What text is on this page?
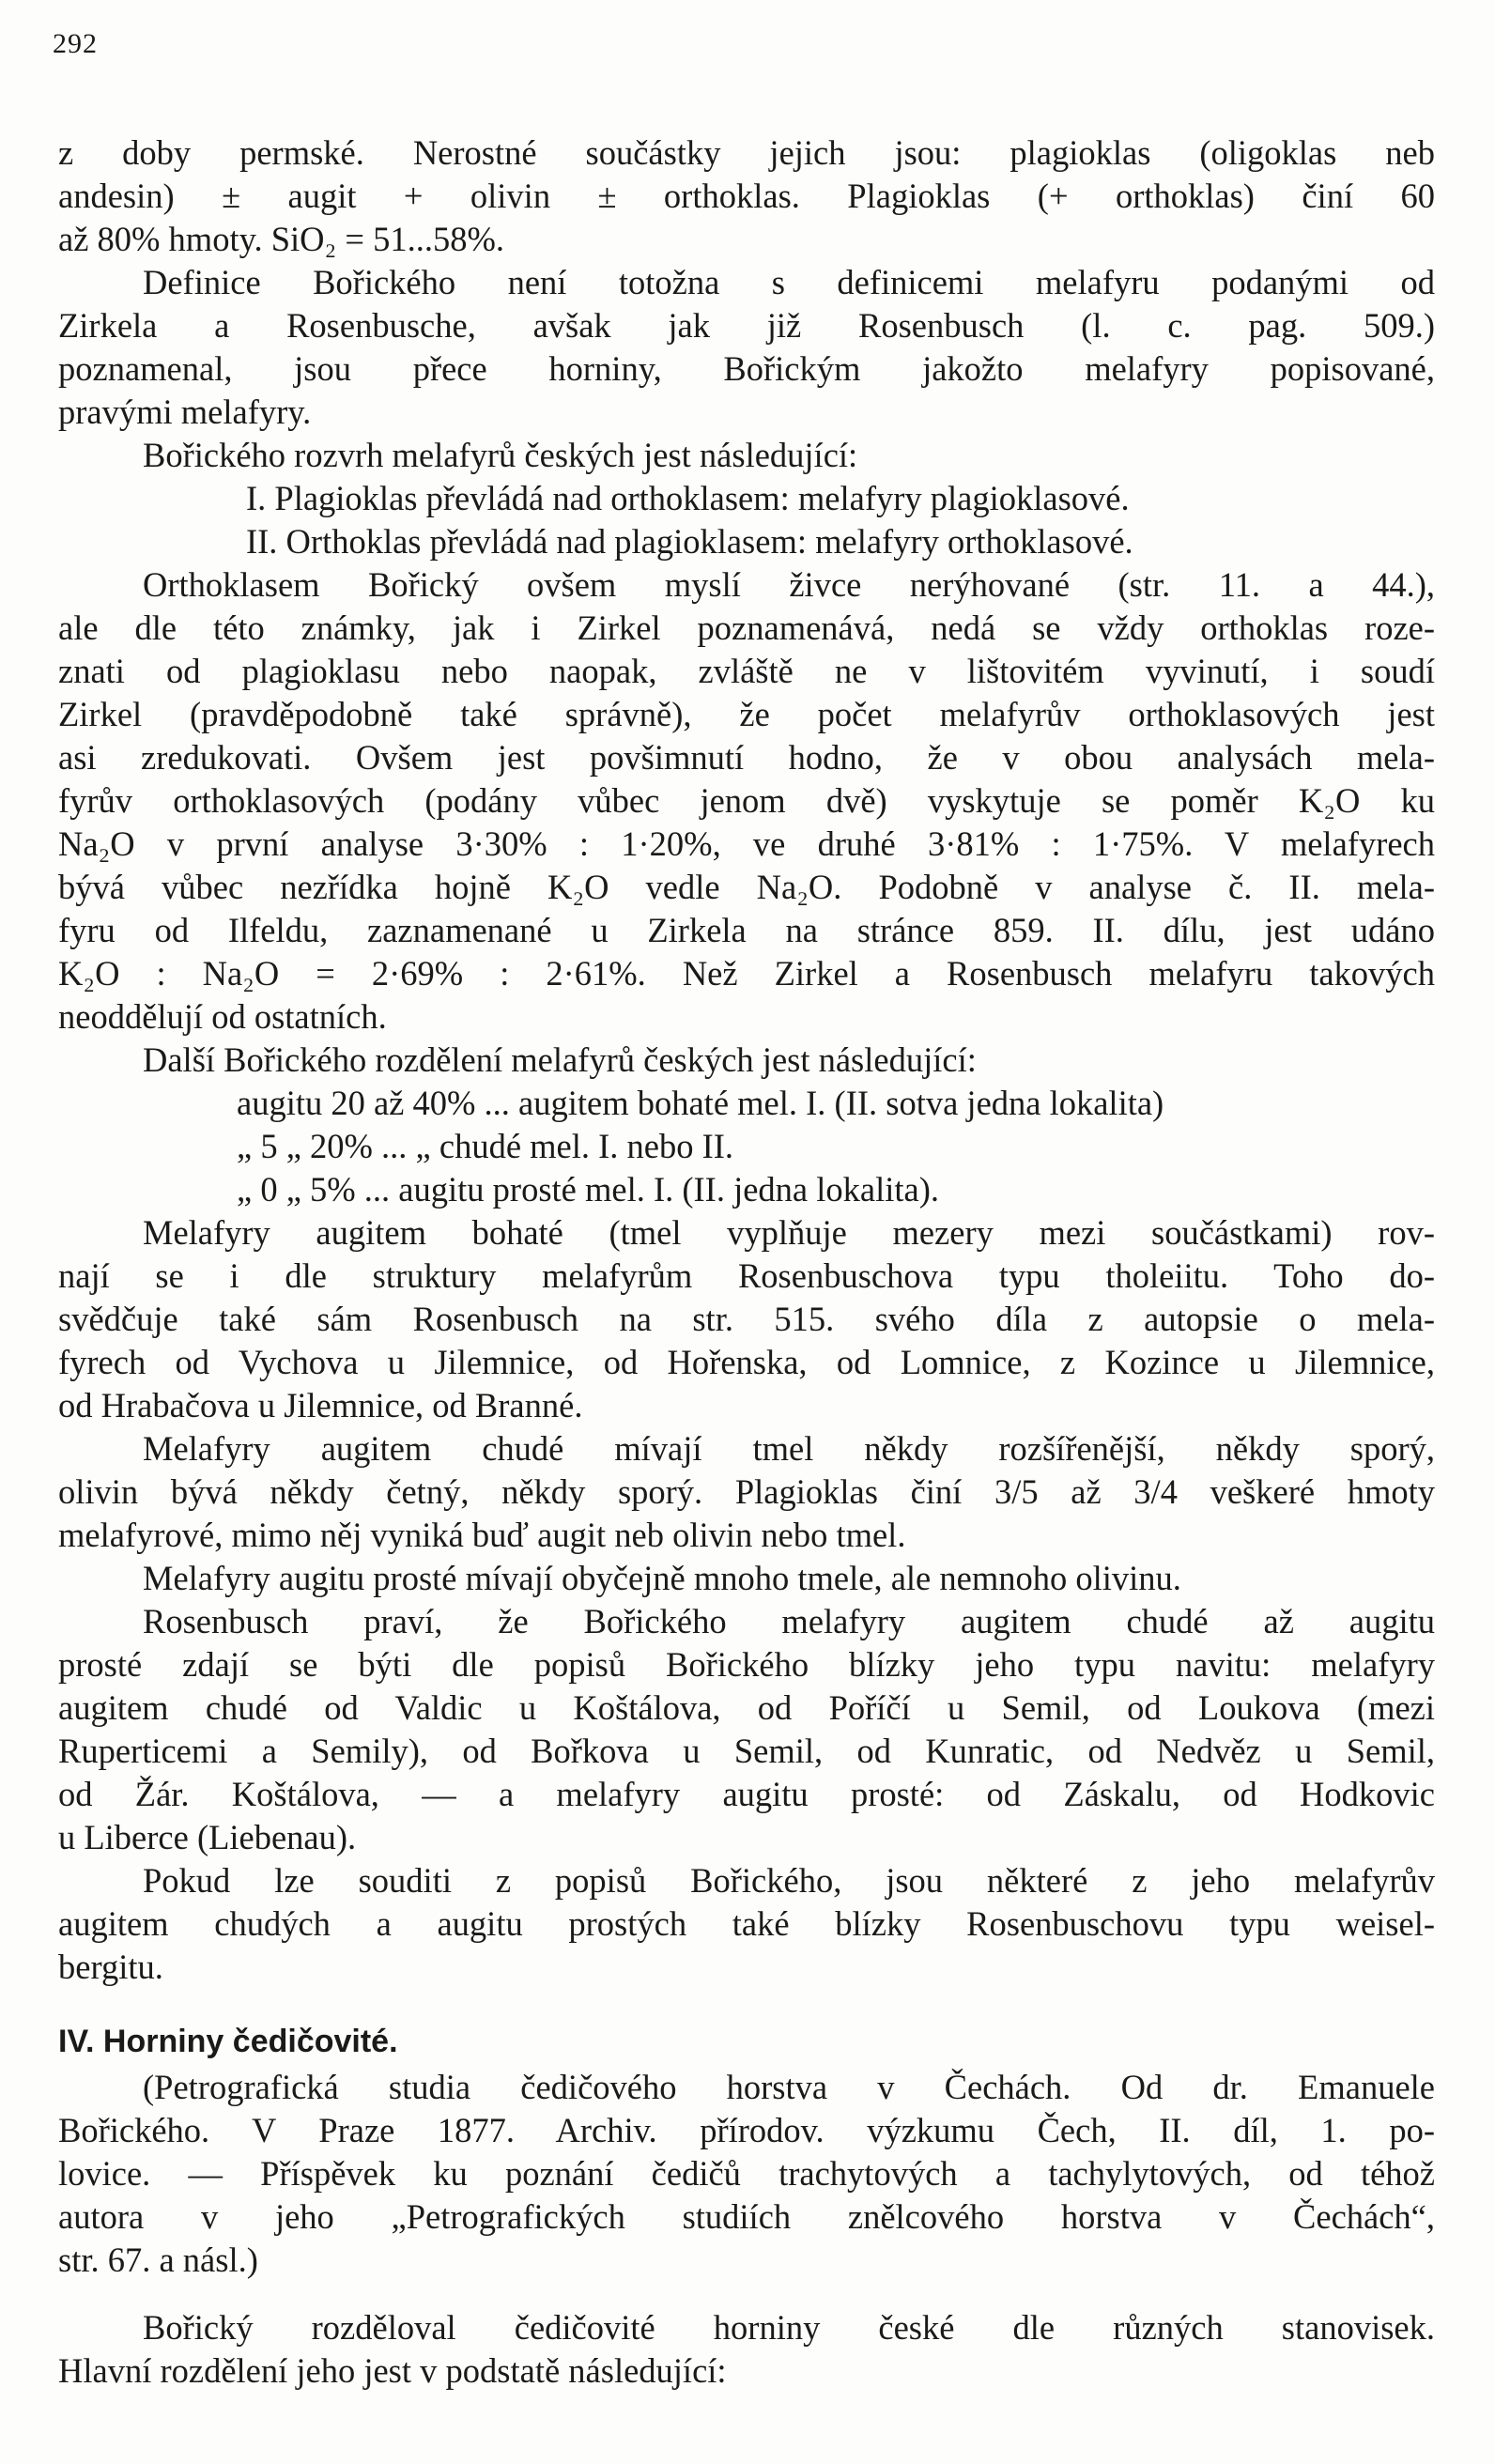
292
z doby permské. Nerostné součástky jejich jsou: plagioklas (oligoklas neb
andesin) ± augit + olivin ± orthoklas. Plagioklas (+ orthoklas) činí 60
až 80% hmoty. SiO₂ = 51...58%.
Definice Bořického není totožna s definicemi melafyru podanými od
Zirkela a Rosenbusche, avšak jak již Rosenbusch (l. c. pag. 509.)
poznamenal, jsou přece horniny, Bořickým jakožto melafyry popisované,
pravými melafyry.
Bořického rozvrh melafyrů českých jest následující:
I. Plagioklas převládá nad orthoklasem: melafyry plagioklasové.
II. Orthoklas převládá nad plagioklasem: melafyry orthoklasové.
Orthoklasem Bořický ovšem myslí živce nerýhované (str. 11. a 44.),
ale dle této známky, jak i Zirkel poznamenává, nedá se vždy orthoklas roze-
znati od plagioklasu nebo naopak, zvláště ne v lištovitém vyvinutí, i soudí
Zirkel (pravděpodobně také správně), že počet melafyrův orthoklasových jest
asi zredukovati. Ovšem jest povšimnutí hodno, že v obou analysách mela-
fyrův orthoklasových (podány vůbec jenom dvě) vyskytuje se poměr K₂O ku
Na₂O v první analyse 3·30% : 1·20%, ve druhé 3·81% : 1·75%. V melafyrech
bývá vůbec nezřídka hojně K₂O vedle Na₂O. Podobně v analyse č. II. mela-
fyru od Ilfeldu, zaznamenané u Zirkela na stránce 859. II. dílu, jest udáno
K₂O : Na₂O = 2·69% : 2·61%. Než Zirkel a Rosenbusch melafyru takových
neoddělují od ostatních.
Další Bořického rozdělení melafyrů českých jest následující:
augitu 20 až 40% ... augitem bohaté mel. I. (II. sotva jedna lokalita)
„ 5 „ 20% ... „ chudé mel. I. nebo II.
„ 0 „ 5% ... augitu prosté mel. I. (II. jedna lokalita).
Melafyry augitem bohaté (tmel vyplňuje mezery mezi součástkami) rov-
nají se i dle struktury melafyrům Rosenbuschova typu tholeiitu. Toho do-
svědčuje také sám Rosenbusch na str. 515. svého díla z autopsie o mela-
fyrech od Vychova u Jilemnice, od Hořenska, od Lomnice, z Kozince u Jilemnice,
od Hrabačova u Jilemnice, od Branné.
Melafyry augitem chudé mívají tmel někdy rozšířenější, někdy sporý,
olivin bývá někdy četný, někdy sporý. Plagioklas činí 3/5 až 3/4 veškeré hmoty
melafyrové, mimo něj vyniká buď augit neb olivin nebo tmel.
Melafyry augitu prosté mívají obyčejně mnoho tmele, ale nemnoho olivinu.
Rosenbusch praví, že Bořického melafyry augitem chudé až augitu
prosté zdají se býti dle popisů Bořického blízky jeho typu navitu: melafyry
augitem chudé od Valdic u Koštálova, od Poříčí u Semil, od Loukova (mezi
Ruperticemi a Semily), od Bořkova u Semil, od Kunratic, od Nedvěz u Semil,
od Žár. Koštálova, — a melafyry augitu prosté: od Záskalu, od Hodkovic
u Liberce (Liebenau).
Pokud lze souditi z popisů Bořického, jsou některé z jeho melafyrův
augitem chudých a augitu prostých také blízky Rosenbuschovu typu weisel-
bergitu.
IV. Horniny čedičovité.
(Petrografická studia čedičového horstva v Čechách. Od dr. Emanuele
Bořického. V Praze 1877. Archiv. přírodov. výzkumu Čech, II. díl, 1. po-
lovice. — Příspěvek ku poznání čedičů trachytových a tachylytových, od téhož
autora v jeho „Petrografických studiích znělcového horstva v Čechách“,
str. 67. a násl.)
Bořický rozděloval čedičovité horniny české dle různých stanovisek.
Hlavní rozdělení jeho jest v podstatě následující:
